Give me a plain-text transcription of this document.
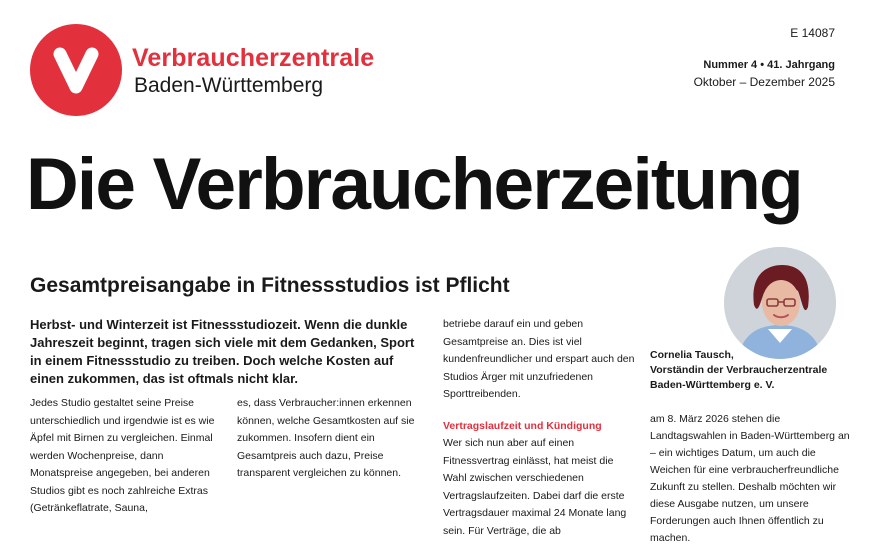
Verbraucherzentrale
Baden-Württemberg
E 14087
Nummer 4 • 41. Jahrgang
Oktober – Dezember 2025
Die Verbraucherzeitung
Gesamtpreisangabe in Fitnessstudios ist Pflicht
Herbst- und Winterzeit ist Fitnessstudiozeit. Wenn die dunkle Jahreszeit beginnt, tragen sich viele mit dem Gedanken, Sport in einem Fitnessstudio zu treiben. Doch welche Kosten auf einen zukommen, das ist oftmals nicht klar.
Jedes Studio gestaltet seine Preise unterschiedlich und irgendwie ist es wie Äpfel mit Birnen zu vergleichen. Einmal werden Wochenpreise, dann Monatspreise angegeben, bei anderen Studios gibt es noch zahlreiche Extras (Getränkeflatrate, Sauna,
es, dass Verbraucher:innen erkennen können, welche Gesamtkosten auf sie zukommen. Insofern dient ein Gesamtpreis auch dazu, Preise transparent vergleichen zu können.
betriebe darauf ein und geben Gesamtpreise an. Dies ist viel kundenfreundlicher und erspart auch den Studios Ärger mit unzufriedenen Sporttreibenden.
Vertragslaufzeit und Kündigung
Wer sich nun aber auf einen Fitnessvertrag einlässt, hat meist die Wahl zwischen verschiedenen Vertragslaufzeiten. Dabei darf die erste Vertragsdauer maximal 24 Monate lang sein. Für Verträge, die ab
Cornelia Tausch,
Vorständin der Verbraucherzentrale
Baden-Württemberg e. V.
am 8. März 2026 stehen die Landtagswahlen in Baden-Württemberg an – ein wichtiges Datum, um auch die Weichen für eine verbraucherfreundliche Zukunft zu stellen. Deshalb möchten wir diese Ausgabe nutzen, um unsere Forderungen auch Ihnen öffentlich zu machen.
